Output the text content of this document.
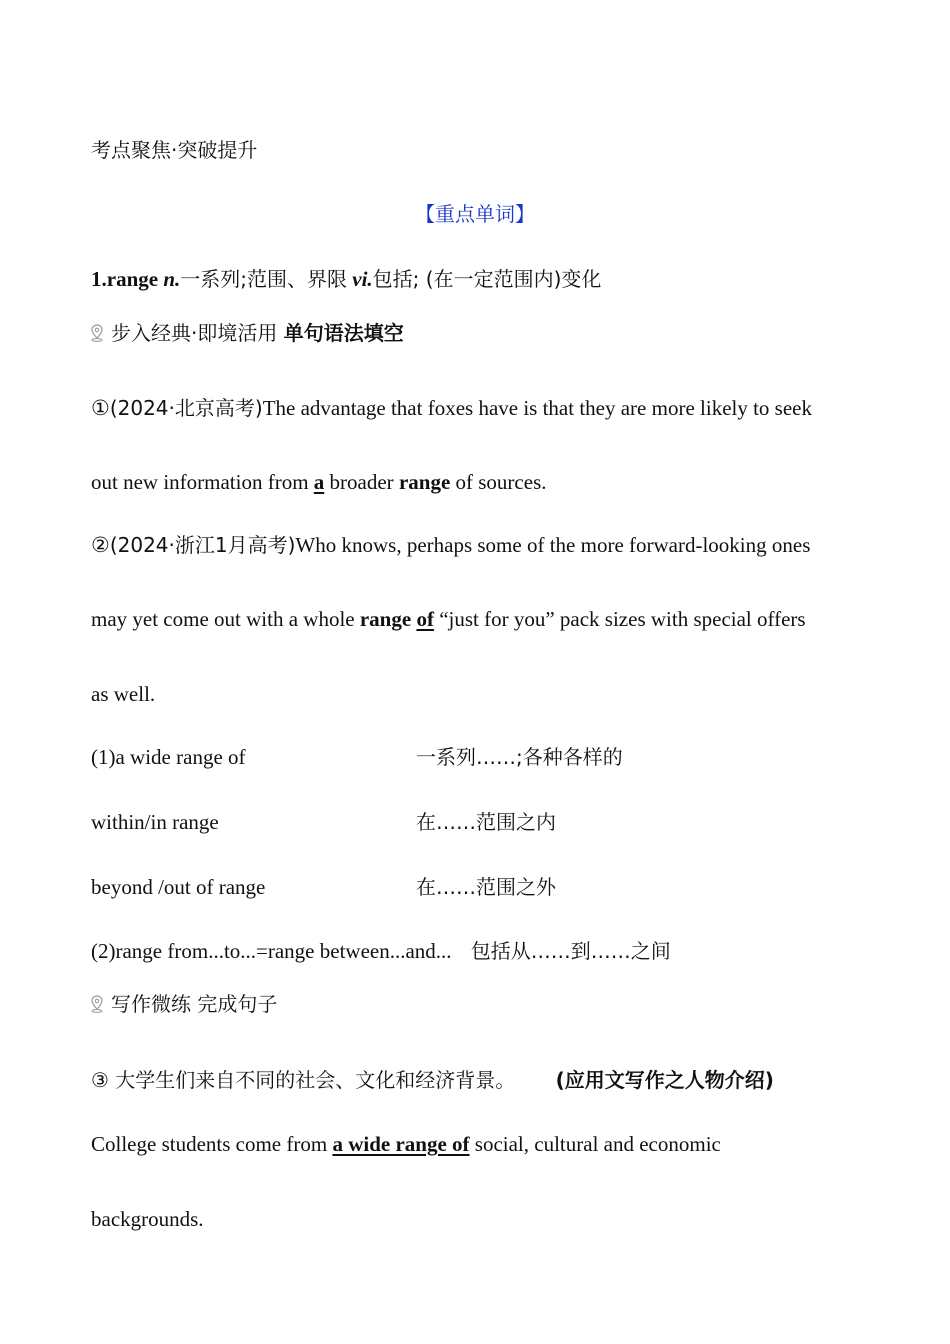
考点聚焦·突破提升
【重点单词】
1.range n.一系列;范围、界限 vi.包括; (在一定范围内)变化
步入经典·即境活用 单句语法填空
①(2024·北京高考)The advantage that foxes have is that they are more likely to seek
out new information from a broader range of sources.
②(2024·浙江1月高考)Who knows, perhaps some of the more forward-looking ones
may yet come out with a whole range of “just for you” pack sizes with special offers
as well.
(1)a wide range of	一系列……;各种各样的
within/in range	在……范围之内
beyond /out of range	在……范围之外
(2)range from...to...=range between...and... 包括从……到……之间
写作微练 完成句子
③ 大学生们来自不同的社会、文化和经济背景。 (应用文写作之人物介绍)
College students come from a wide range of social, cultural and economic
backgrounds.
